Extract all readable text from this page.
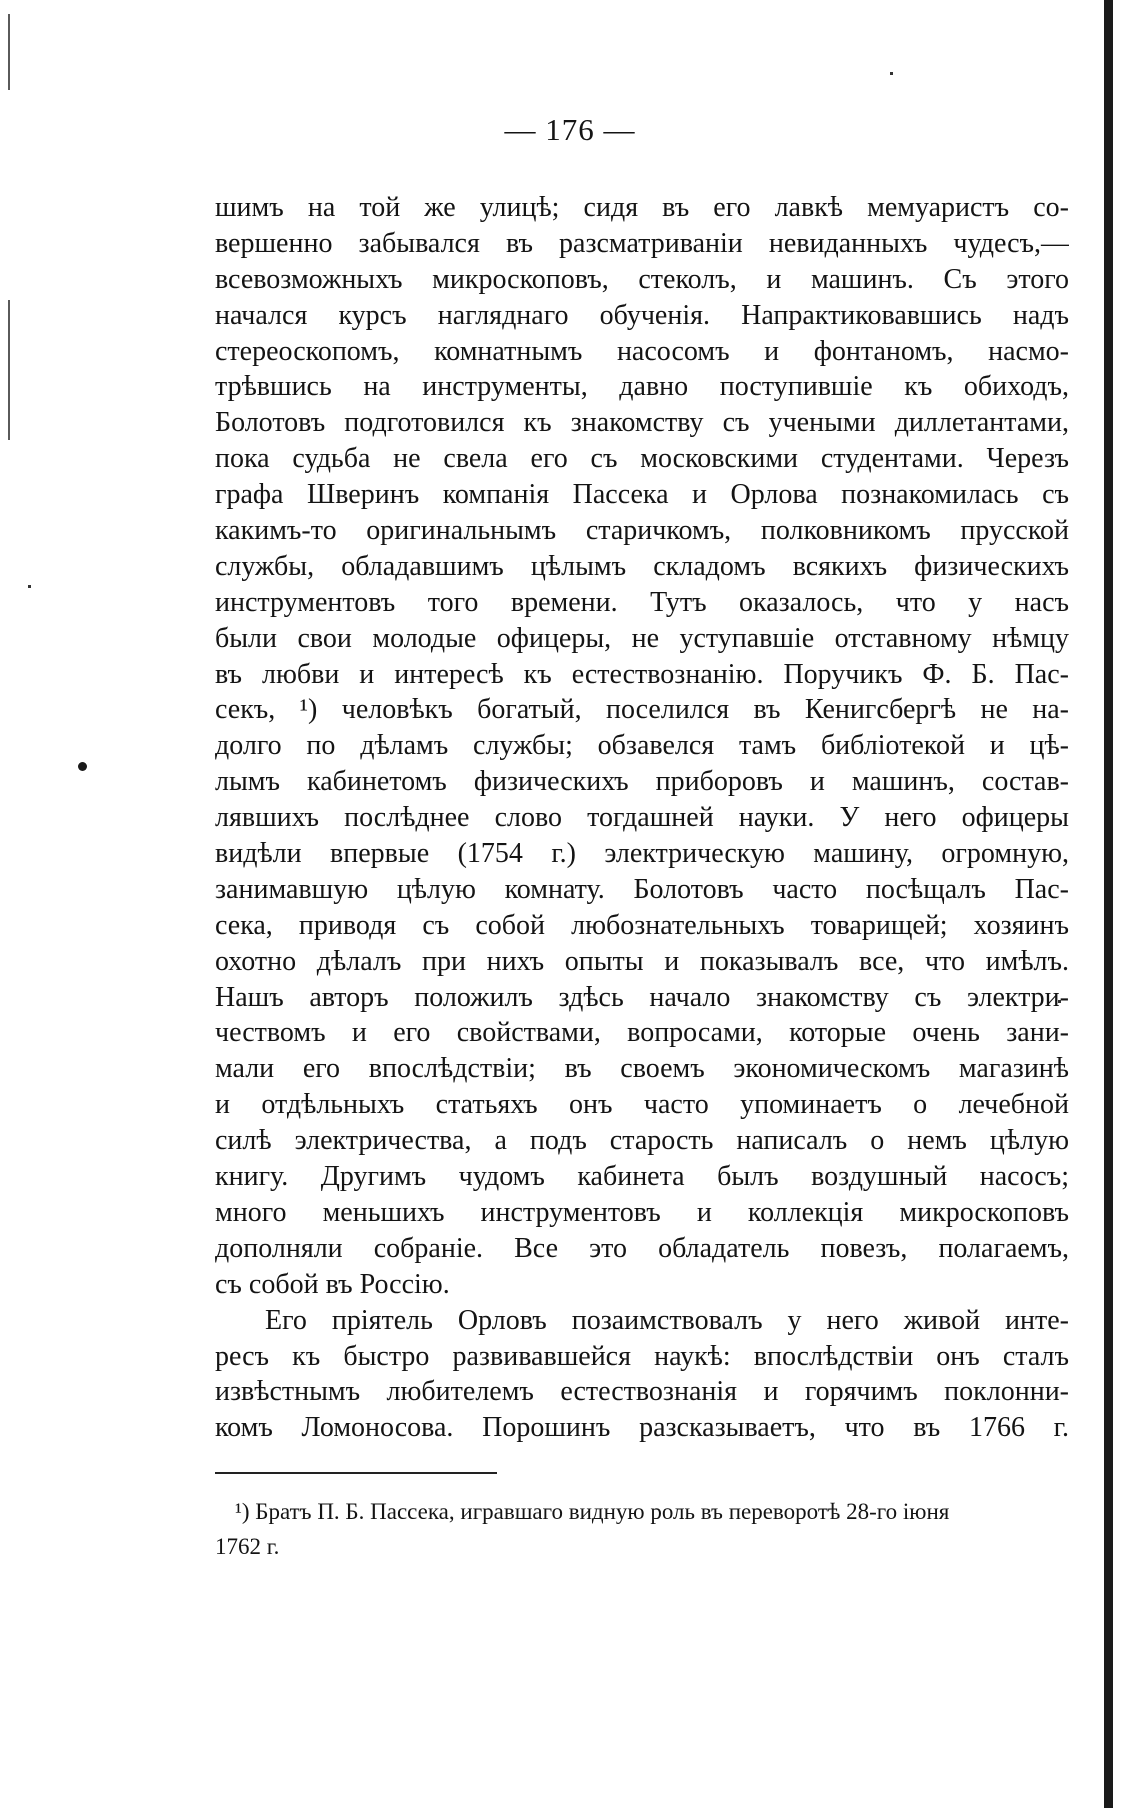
— 176 —
шимъ на той же улицѣ; сидя въ его лавкѣ мемуаристъ со-
вершенно забывался въ разсматриваніи невиданныхъ чудесъ,—
всевозможныхъ микроскоповъ, стеколъ, и машинъ. Съ этого
начался курсъ нагляднаго обученія. Напрактиковавшись надъ
стереоскопомъ, комнатнымъ насосомъ и фонтаномъ, насмо-
трѣвшись на инструменты, давно поступившіе къ обиходъ,
Болотовъ подготовился къ знакомству съ учеными диллетантами,
пока судьба не свела его съ московскими студентами. Черезъ
графа Шверинъ компанія Пассека и Орлова познакомилась съ
какимъ-то оригинальнымъ старичкомъ, полковникомъ прусской
службы, обладавшимъ цѣлымъ складомъ всякихъ физическихъ
инструментовъ того времени. Тутъ оказалось, что у насъ
были свои молодые офицеры, не уступавшіе отставному нѣмцу
въ любви и интересѣ къ естествознанію. Поручикъ Ф. Б. Пас-
секъ, ¹) человѣкъ богатый, поселился въ Кенигсбергѣ не на-
долго по дѣламъ службы; обзавелся тамъ библіотекой и цѣ-
лымъ кабинетомъ физическихъ приборовъ и машинъ, состав-
лявшихъ послѣднее слово тогдашней науки. У него офицеры
видѣли впервые (1754 г.) электрическую машину, огромную,
занимавшую цѣлую комнату. Болотовъ часто посѣщалъ Пас-
сека, приводя съ собой любознательныхъ товарищей; хозяинъ
охотно дѣлалъ при нихъ опыты и показывалъ все, что имѣлъ.
Нашъ авторъ положилъ здѣсь начало знакомству съ электри-
чествомъ и его свойствами, вопросами, которые очень зани-
мали его впослѣдствіи; въ своемъ экономическомъ магазинѣ
и отдѣльныхъ статьяхъ онъ часто упоминаетъ о лечебной
силѣ электричества, а подъ старость написалъ о немъ цѣлую
книгу. Другимъ чудомъ кабинета былъ воздушный насосъ;
много меньшихъ инструментовъ и коллекція микроскоповъ
дополняли собраніе. Все это обладатель повезъ, полагаемъ,
съ собой въ Россію.
Его пріятель Орловъ позаимствовалъ у него живой инте-
ресъ къ быстро развивавшейся наукѣ: впослѣдствіи онъ сталъ
извѣстнымъ любителемъ естествознанія и горячимъ поклонни-
комъ Ломоносова. Порошинъ разсказываетъ, что въ 1766 г.
¹) Братъ П. Б. Пассека, игравшаго видную роль въ переворотѣ 28-го іюня
1762 г.
